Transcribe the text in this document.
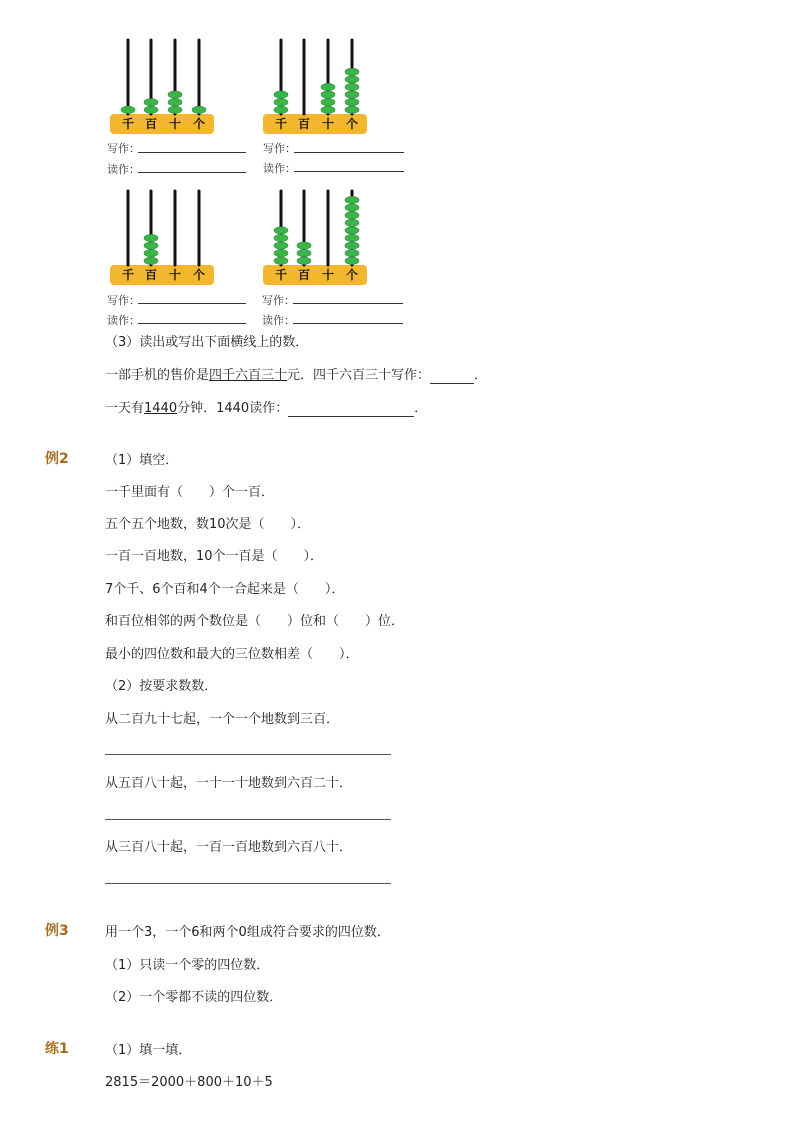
千 百 十 个	千 百 十 个
千 百 十 个	千 百 十 个
写作：
读作：
写作：
读作：
写作：
读作：
写作：
读作：
（3）读出或写出下面横线上的数．
一部手机的售价是四千六百三十元．四千六百三十写作：	．
一天有1440分钟．1440读作：	．
例2	（1）填空．
一千里面有（　　）个一百．
五个五个地数，数10次是（　　）．
一百一百地数，10个一百是（　　）．
7个千、6个百和4个一合起来是（　　）．
和百位相邻的两个数位是（　　）位和（　　）位．
最小的四位数和最大的三位数相差（　　）．
（2）按要求数数．
从二百九十七起，一个一个地数到三百．
从五百八十起，一十一十地数到六百二十．
从三百八十起，一百一百地数到六百八十．
例3	用一个3，一个6和两个0组成符合要求的四位数．
（1）只读一个零的四位数．
（2）一个零都不读的四位数．
练1	（1）填一填．
2815＝2000＋800＋10＋5
